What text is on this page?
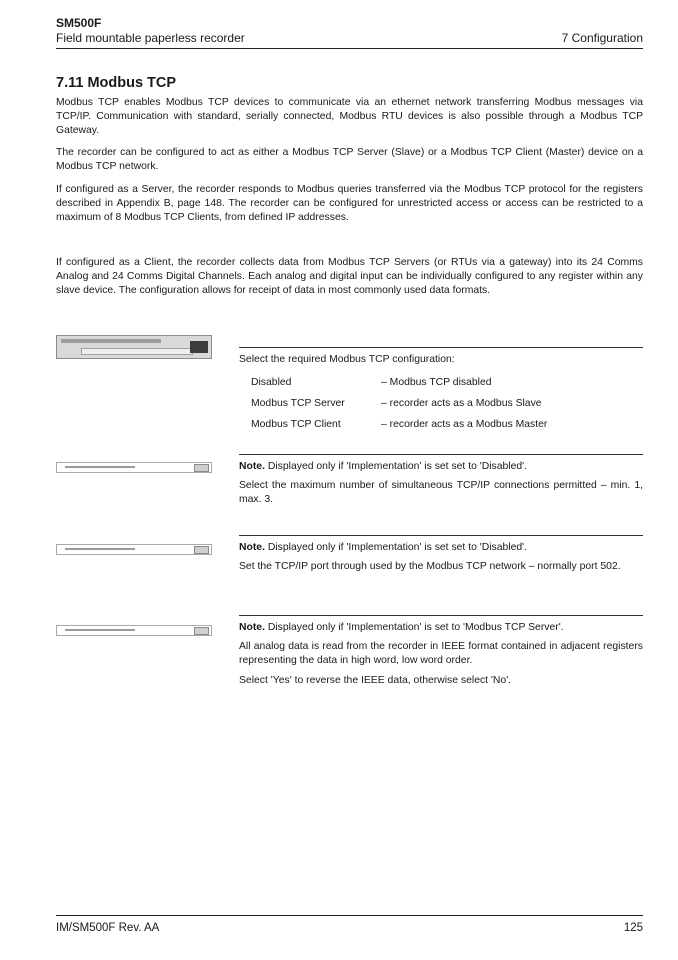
SM500F
Field mountable paperless recorder	7 Configuration
7.11 Modbus TCP

Modbus TCP enables Modbus TCP devices to communicate via an ethernet network transferring Modbus messages via TCP/IP. Communication with standard, serially connected, Modbus RTU devices is also possible through a Modbus TCP Gateway.

The recorder can be configured to act as either a Modbus TCP Server (Slave) or a Modbus TCP Client (Master) device on a Modbus TCP network.

If configured as a Server, the recorder responds to Modbus queries transferred via the Modbus TCP protocol for the registers described in Appendix B, page 148. The recorder can be configured for unrestricted access or access can be restricted to a maximum of 8 Modbus TCP Clients, from defined IP addresses.

If configured as a Client, the recorder collects data from Modbus TCP Servers (or RTUs via a gateway) into its 24 Comms Analog and 24 Comms Digital Channels. Each analog and digital input can be individually configured to any register within any slave device. The configuration allows for receipt of data in most commonly used data formats.

Select the required Modbus TCP configuration:

Disabled	– Modbus TCP disabled
Modbus TCP Server	– recorder acts as a Modbus Slave
Modbus TCP Client	– recorder acts as a Modbus Master

Note. Displayed only if 'Implementation' is set set to 'Disabled'.

Select the maximum number of simultaneous TCP/IP connections permitted – min. 1, max. 3.

Note. Displayed only if 'Implementation' is set set to 'Disabled'.

Set the TCP/IP port through used by the Modbus TCP network – normally port 502.

Note. Displayed only if 'Implementation' is set to 'Modbus TCP Server'.

All analog data is read from the recorder in IEEE format contained in adjacent registers representing the data in high word, low word order.

Select 'Yes' to reverse the IEEE data, otherwise select 'No'.

IM/SM500F Rev. AA	125
